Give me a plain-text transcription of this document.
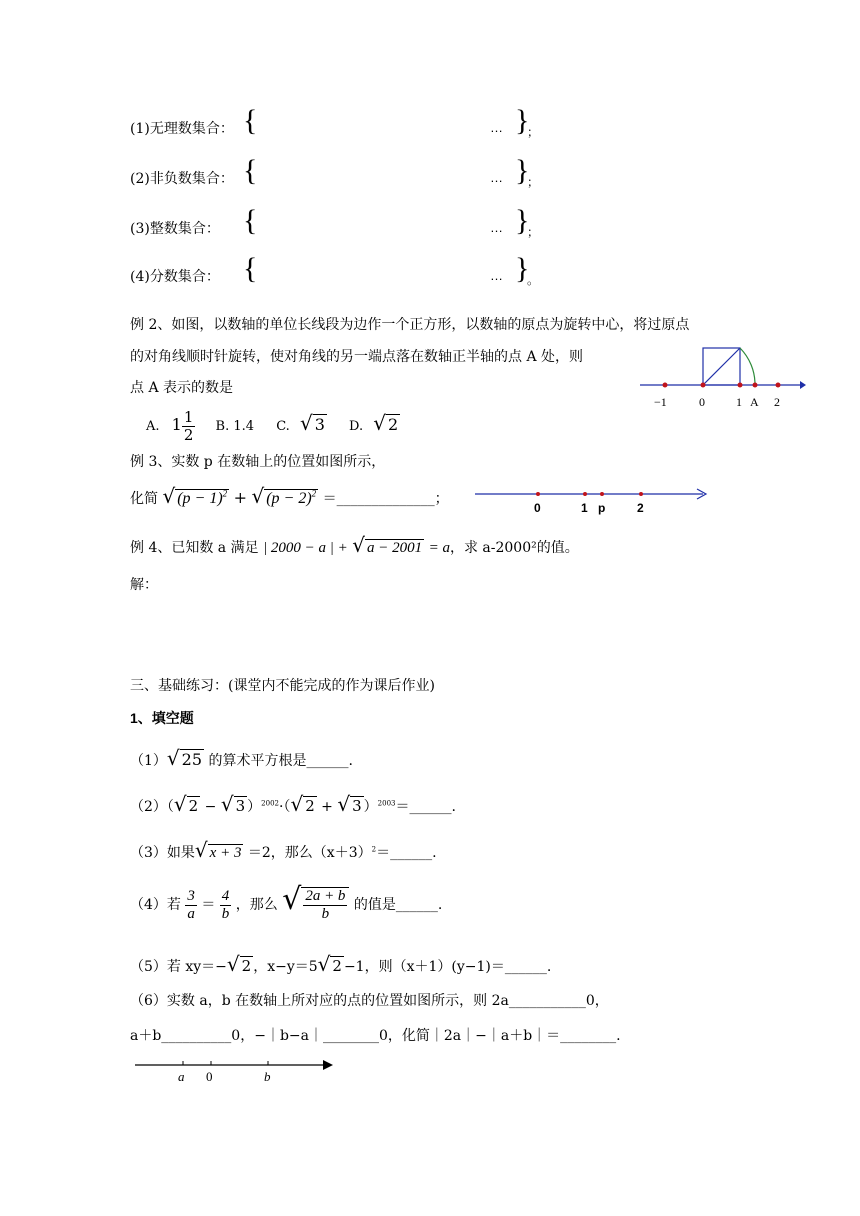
(1)无理数集合： {	… }
；
(2)非负数集合： {	… }
；
(3)整数集合： {	… }
；
(4)分数集合： {	… }
。
例 2、如图，以数轴的单位长线段为边作一个正方形，以数轴的原点为旋转中心，将过原点
的对角线顺时针旋转，使对角线的另一端点落在数轴正半轴的点 A 处，则
点 A 表示的数是
A. $1 \frac{1}{2} B$. 1.4 C. √ 3 D. √ 2
−1	0	1 A 2
例 3、实数 p 在数轴上的位置如图所示，
化简 √ $(p - 1)^2$ + √ $(p - 2)^2$ ＝______________；
0	1 p	2
例 4、已知数 a 满足 | 2000 − a | + √ a − 2001 = a，求 a-2000²的值。
解：
三、基础练习：(课堂内不能完成的作为课后作业)
1、填空题
（1）√ 25 的算术平方根是______.
（2）（√ 2 − √ 3 ）$^{2002}$·（√ 2 + √ 3 ）$^{2003}$＝______.
（3）如果√ x + 3 ＝2，那么$(x+3)^2=\_\_\_\_\_\_$.
（4）若 $\frac{3}{a} = \frac{4}{b}$ ，那么 √ $\frac{2a + b}{b}$ 的值是______.
（5）若 xy＝−√ 2 ，x−y＝5√ 2 −1，则（x＋1）(y−1)＝______.
（6）实数 a，b 在数轴上所对应的点的位置如图所示，则 2a___________0，
a＋b__________0，−｜b−a｜________0，化简｜2a｜−｜a＋b｜＝________.
a 0	b
